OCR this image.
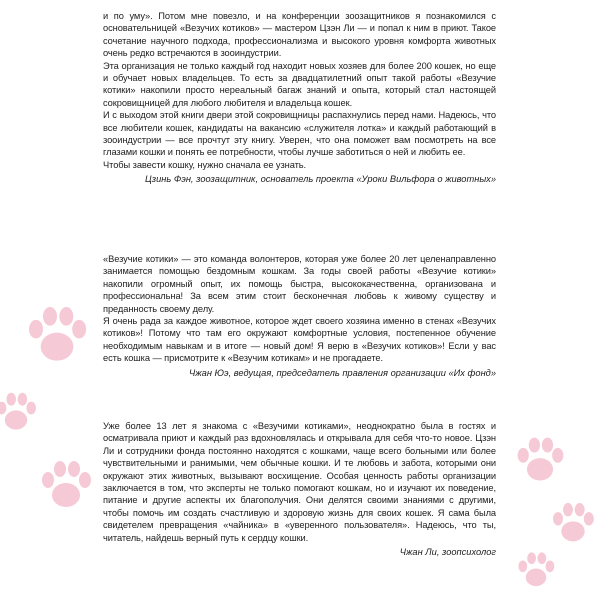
и по уму». Потом мне повезло, и на конференции зоозащитников я познакомился с основательницей «Везучих котиков» — мастером Цзэн Ли — и попал к ним в приют. Такое сочетание научного подхода, профессионализма и высокого уровня комфорта животных очень редко встречаются в зооиндустрии.

Эта организация не только каждый год находит новых хозяев для более 200 кошек, но еще и обучает новых владельцев. То есть за двадцатилетний опыт такой работы «Везучие котики» накопили просто нереальный багаж знаний и опыта, который стал настоящей сокровищницей для любого любителя и владельца кошек.

И с выходом этой книги двери этой сокровищницы распахнулись перед нами. Надеюсь, что все любители кошек, кандидаты на вакансию «служителя лотка» и каждый работающий в зооиндустрии — все прочтут эту книгу. Уверен, что она поможет вам посмотреть на все глазами кошки и понять ее потребности, чтобы лучше заботиться о ней и любить ее.

Чтобы завести кошку, нужно сначала ее узнать.

Цзинь Фэн, зоозащитник, основатель проекта «Уроки Вильфора о животных»

«Везучие котики» — это команда волонтеров, которая уже более 20 лет целенаправленно занимается помощью бездомным кошкам. За годы своей работы «Везучие котики» накопили огромный опыт, их помощь быстра, высококачественна, организована и профессиональна! За всем этим стоит бесконечная любовь к живому существу и преданность своему делу.

Я очень рада за каждое животное, которое ждет своего хозяина именно в стенах «Везучих котиков»! Потому что там его окружают комфортные условия, постепенное обучение необходимым навыкам и в итоге — новый дом! Я верю в «Везучих котиков»! Если у вас есть кошка — присмотрите к «Везучим котикам» и не прогадаете.

Чжан Юэ, ведущая, председатель правления организации «Их фонд»

Уже более 13 лет я знакома с «Везучими котиками», неоднократно была в гостях и осматривала приют и каждый раз вдохновлялась и открывала для себя что-то новое. Цзэн Ли и сотрудники фонда постоянно находятся с кошками, чаще всего больными или более чувствительными и ранимыми, чем обычные кошки. И те любовь и забота, которыми они окружают этих животных, вызывают восхищение. Особая ценность работы организации заключается в том, что эксперты не только помогают кошкам, но и изучают их поведение, питание и другие аспекты их благополучия. Они делятся своими знаниями с другими, чтобы помочь им создать счастливую и здоровую жизнь для своих кошек. Я сама была свидетелем превращения «чайника» в «уверенного пользователя». Надеюсь, что ты, читатель, найдешь верный путь к сердцу кошки.

Чжан Ли, зоопсихолог
